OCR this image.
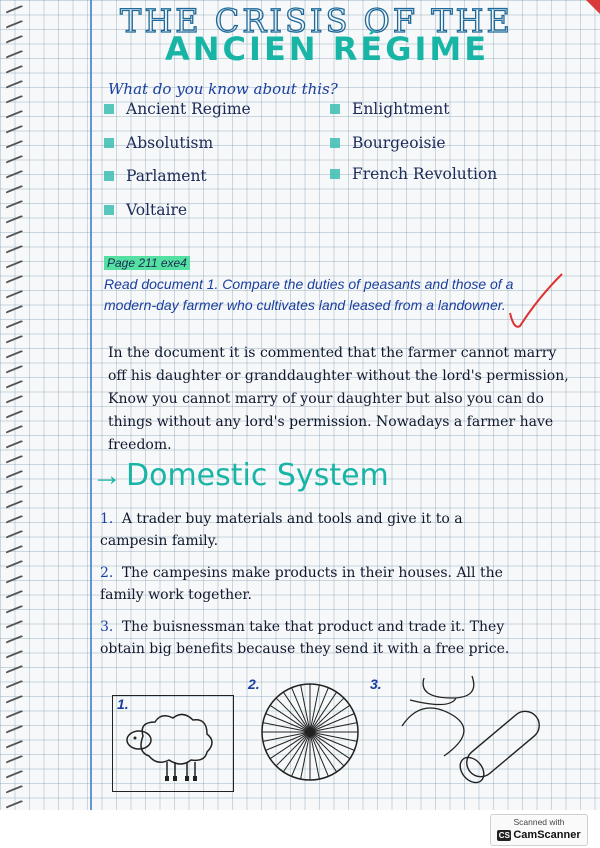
THE CRISIS OF THE
ANCIEN RÉGIME
What do you know about this?
Ancient Regime
Absolutism
Parlament
Voltaire
Enlightment
Bourgeoisie
French Revolution
Page 211 exe4
Read document 1. Compare the duties of peasants and those of a modern-day farmer who cultivates land leased from a landowner.
In the document it is commented that the farmer cannot marry off his daughter or granddaughter without the lord's permission, Know you cannot marry of your daughter but also you can do things without any lord's permission. Nowadays a farmer have freedom.
→ Domestic System
1. A trader buy materials and tools and give it to a campesin family.
2. The campesins make products in their houses. All the family work together.
3. The buisnessman take that product and trade it. They obtain big benefits because they send it with a free price.
2.	3.
1.
Scanned with
CS CamScanner
